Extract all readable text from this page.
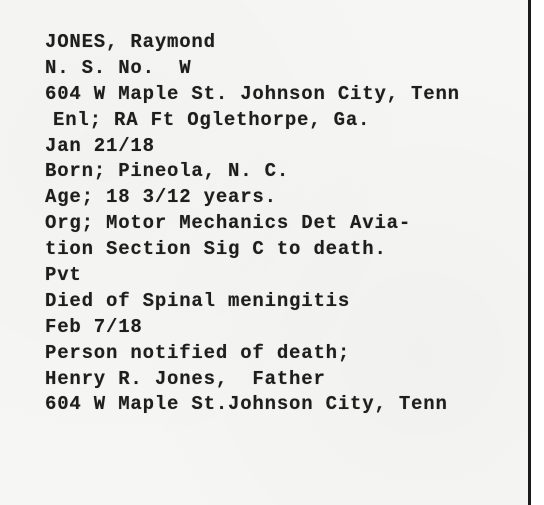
JONES, Raymond
N. S. No.  W
604 W Maple St. Johnson City, Tenn
Enl; RA Ft Oglethorpe, Ga.
Jan 21/18
Born; Pineola, N. C.
Age; 18 3/12 years.
Org; Motor Mechanics Det Avia-
tion Section Sig C to death.
Pvt
Died of Spinal meningitis
Feb 7/18
Person notified of death;
Henry R. Jones,  Father
604 W Maple St.Johnson City, Tenn
